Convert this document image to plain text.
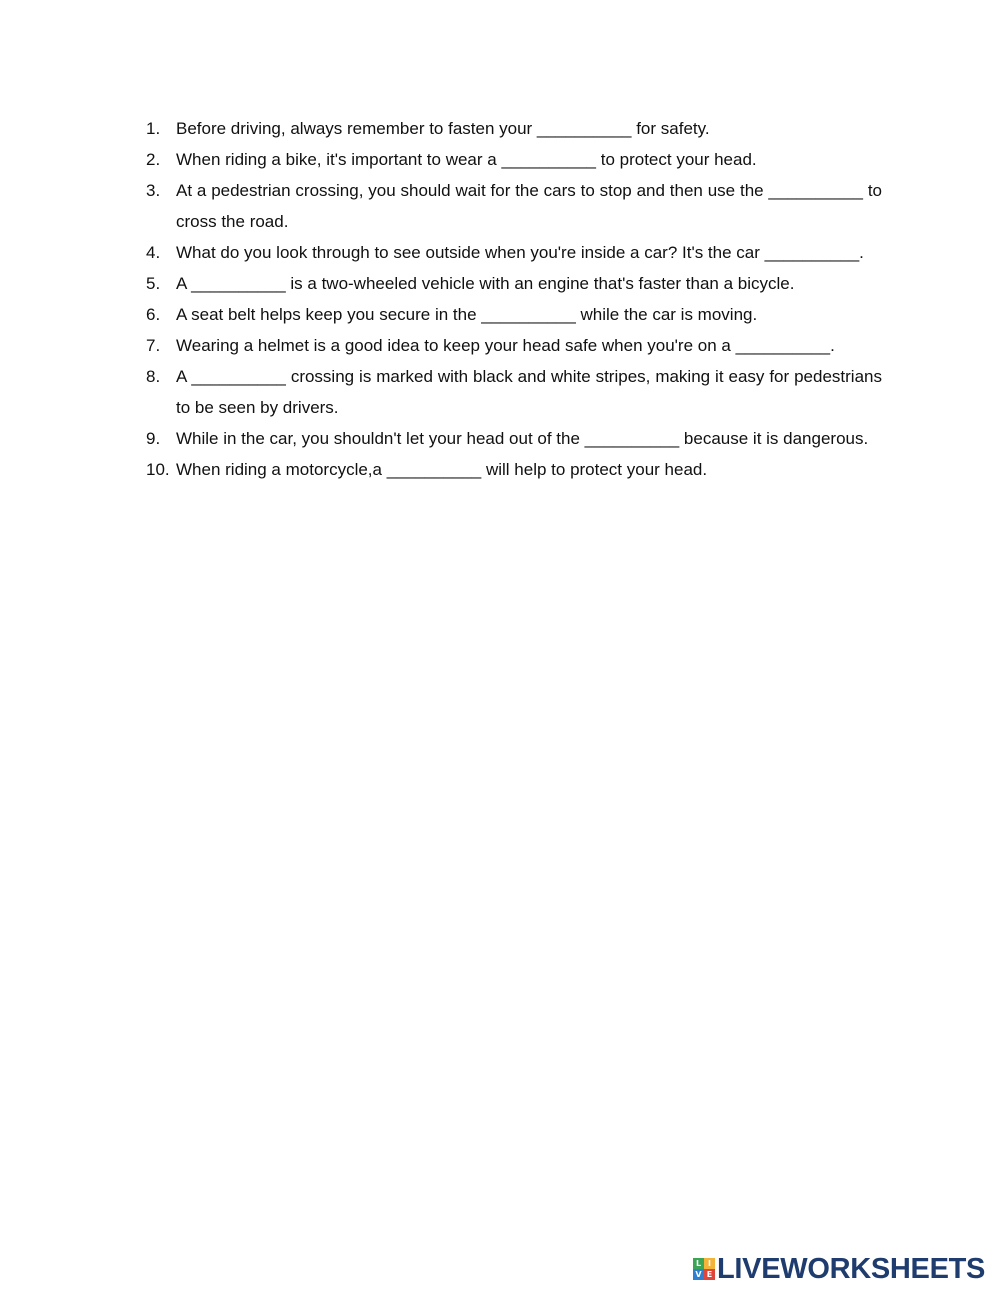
1. Before driving, always remember to fasten your __________ for safety.
2. When riding a bike, it's important to wear a __________ to protect your head.
3. At a pedestrian crossing, you should wait for the cars to stop and then use the __________ to cross the road.
4. What do you look through to see outside when you're inside a car? It's the car __________.
5. A __________ is a two-wheeled vehicle with an engine that's faster than a bicycle.
6. A seat belt helps keep you secure in the __________ while the car is moving.
7. Wearing a helmet is a good idea to keep your head safe when you're on a __________.
8. A __________ crossing is marked with black and white stripes, making it easy for pedestrians to be seen by drivers.
9. While in the car, you shouldn't let your head out of the __________ because it is dangerous.
10. When riding a motorcycle,a __________ will help to protect your head.
L I
V E LIVEWORKSHEETS
